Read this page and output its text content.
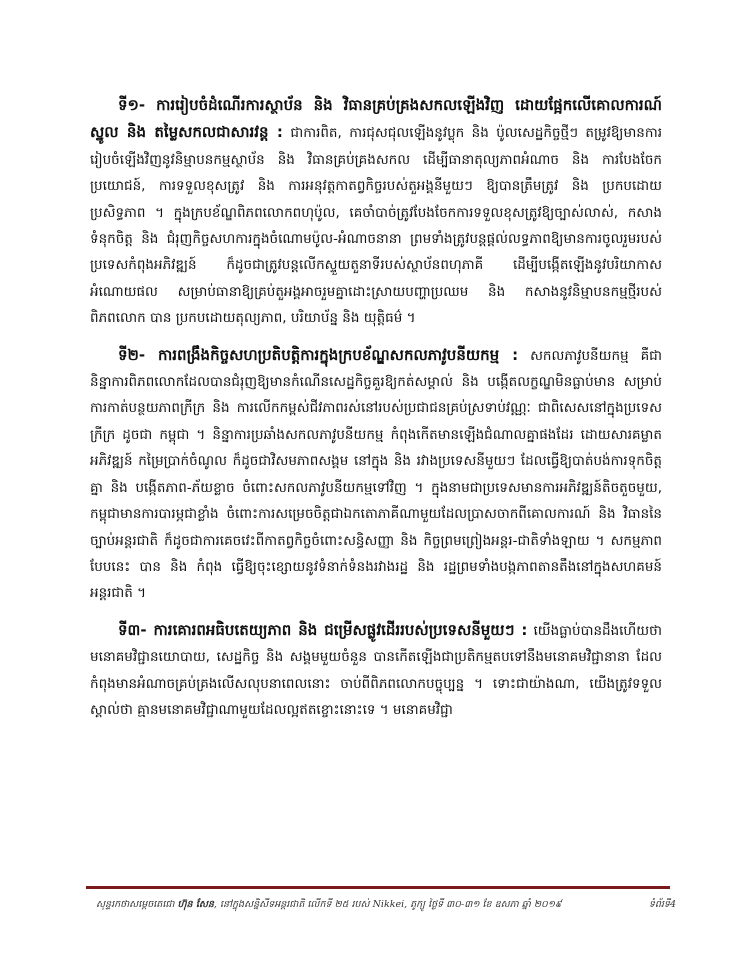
ទី១- ការរៀបចំដំណើរការស្ថាប័ន និង វិធានគ្រប់គ្រងសកលឡើងវិញ ដោយផ្អែកលើគោលការណ៍ស្នូល និង តម្លៃសកលជាសារវន្ត : ជាការពិត, ការជុសជុលឡើងនូវប្លុក និង ប៉ូលសេដ្ឋកិច្ចថ្មីៗ តម្រូវឱ្យមានការរៀបចំឡើងវិញនូវនិម្មាបនកម្មស្ថាប័ន និង វិធានគ្រប់គ្រងសកល ដើម្បីធានាតុល្យភាពអំណាច និង ការបែងចែកប្រយោជន៍, ការទទួលខុសត្រូវ និង ការអនុវត្តកាតព្វកិច្ចរបស់តួអង្គនីមួយៗ ឱ្យបានត្រឹមត្រូវ និង ប្រកបដោយប្រសិទ្ធភាព ។ ក្នុងក្របខ័ណ្ឌពិភពលោកពហុប៉ូល, គេចាំបាច់ត្រូវបែងចែកការទទួលខុសត្រូវឱ្យច្បាស់លាស់, កសាងទំនុកចិត្ត និង ជំរុញកិច្ចសហការក្នុងចំណោមប៉ូល-អំណាចនានា ព្រមទាំងត្រូវបន្តផ្តល់លទ្ធភាពឱ្យមានការចូលរួមរបស់ប្រទេសកំពុងអភិវឌ្ឍន៍ ក៏ដូចជាត្រូវបន្តលើកស្ទួយតួនាទីរបស់ស្ថាប័នពហុភាគី ដើម្បីបង្កើតឡើងនូវបរិយាកាសអំណោយផល សម្រាប់ធានាឱ្យគ្រប់តួអង្គអាចរួមគ្នាដោះស្រាយបញ្ហាប្រឈម និង កសាងនូវនិម្មាបនកម្មថ្មីរបស់ពិភពលោក បាន ប្រកបដោយតុល្យភាព, បរិយាប័ន្ន និង យុត្តិធម៌ ។

ទី២- ការពង្រឹងកិច្ចសហប្រតិបត្តិការក្នុងក្របខ័ណ្ឌសកលភាវូបនីយកម្ម : សកលភាវូបនីយកម្ម គឺជានិន្នាការពិភពលោកដែលបានជំរុញឱ្យមានកំណើនសេដ្ឋកិច្ចគួរឱ្យកត់សម្គាល់ និង បង្កើតលក្ខណ្ឌមិនធ្លាប់មាន សម្រាប់ការកាត់បន្ថយភាពក្រីក្រ និង ការលើកកម្ពស់ជីវភាពរស់នៅរបស់ប្រជាជនគ្រប់ស្រទាប់វណ្ណៈ ជាពិសេសនៅក្នុងប្រទេសក្រីក្រ ដូចជា កម្ពុជា ។ និន្នាការប្រឆាំងសកលភាវូបនីយកម្ម កំពុងកើតមានឡើងជំណាលគ្នាផងដែរ ដោយសារគម្លាតអភិវឌ្ឍន៍ កម្រៃប្រាក់ចំណូល ក៏ដូចជាវិសមភាពសង្គម នៅក្នុង និង រវាងប្រទេសនីមួយៗ ដែលធ្វើឱ្យបាត់បង់ការទុកចិត្តគ្នា និង បង្កើតភាព-ភ័យខ្លាច ចំពោះសកលភាវូបនីយកម្មទៅវិញ ។ ក្នុងនាមជាប្រទេសមានការអភិវឌ្ឍន៍តិចតួចមួយ, កម្ពុជាមានការបារម្ភជាខ្លាំង ចំពោះការសម្រេចចិត្តជាឯកតោភាគីណាមួយដែលប្រាសចាកពីគោលការណ៍ និង វិធាននៃច្បាប់អន្តរជាតិ ក៏ដូចជាការគេចវេះពីកាតព្វកិច្ចចំពោះសន្ធិសញ្ញា និង កិច្ចព្រមព្រៀងអន្តរ-ជាតិទាំងឡាយ ។ សកម្មភាពបែបនេះ បាន និង កំពុង ធ្វើឱ្យចុះខ្សោយនូវទំនាក់ទំនងរវាងរដ្ឋ និង រដ្ឋព្រមទាំងបង្កភាពតានតឹងនៅក្នុងសហគមន៍អន្តរជាតិ ។

ទី៣- ការគោរពអធិបតេយ្យភាព និង ជម្រើសផ្លូវដើររបស់ប្រទេសនីមួយៗ : យើងធ្លាប់បានដឹងហើយថា មនោគមវិជ្ជានយោបាយ, សេដ្ឋកិច្ច និង សង្គមមួយចំនួន បានកើតឡើងជាប្រតិកម្មតបទៅនឹងមនោគមវិជ្ជានានា ដែលកំពុងមានអំណាចគ្រប់គ្រងលើសលុបនាពេលនោះ ចាប់ពីពិភពលោកបច្ចុប្បន្ន ។ ទោះជាយ៉ាងណា, យើងត្រូវទទួលស្គាល់ថា គ្មានមនោគមវិជ្ជាណាមួយដែលល្អឥតខ្ចោះនោះទេ ។ មនោគមវិជ្ជា

សុន្ទរកថាសម្តេចតេជោ ហ៊ុន សែន, នៅក្នុងសន្និសីទអន្តរជាតិ លើកទី ២៥ របស់ Nikkei, តូក្យូ ថ្ងៃទី ៣០-៣១ ខែ ឧសភា ឆ្នាំ ២០១៩	ទំព័រទី4
